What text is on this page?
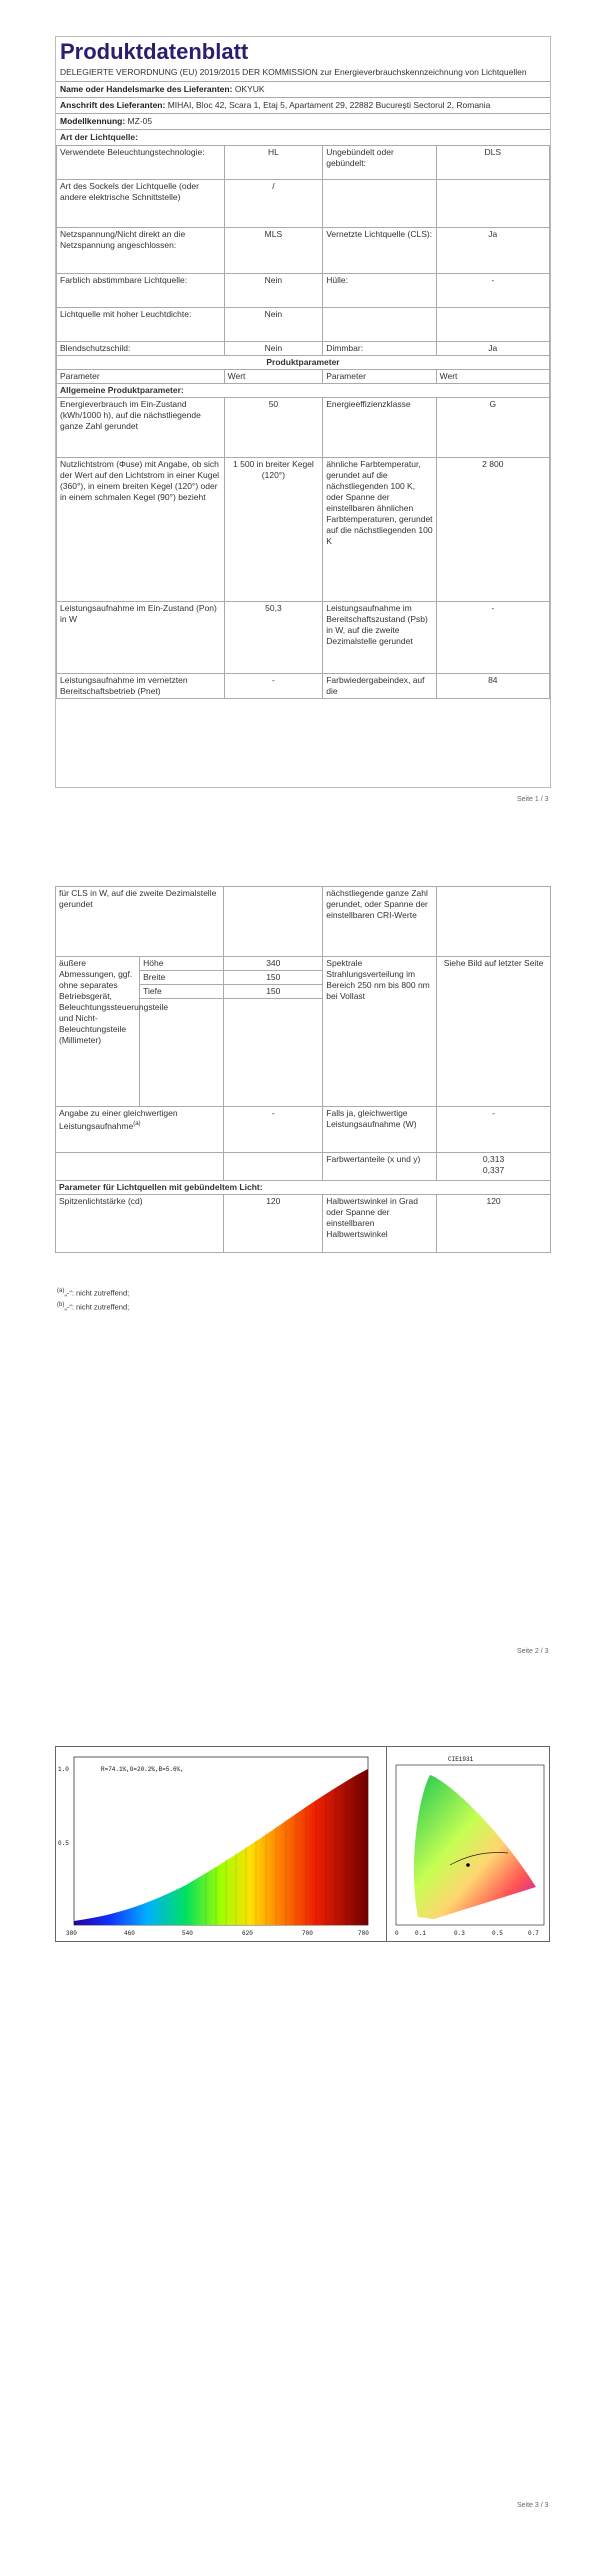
Produktdatenblatt
DELEGIERTE VERORDNUNG (EU) 2019/2015 DER KOMMISSION zur Energieverbrauchskennzeichnung von Lichtquellen
Name oder Handelsmarke des Lieferanten: OKYUK
Anschrift des Lieferanten: MIHAI, Bloc 42, Scara 1, Etaj 5, Apartament 29, 22882 București Sectorul 2, Romania
Modellkennung: MZ-05
Art der Lichtquelle:
Verwendete Beleuchtungstechnologie:	HL	Ungebündelt oder gebündelt:	DLS
Art des Sockels der Lichtquelle (oder andere elektrische Schnittstelle)	/		
Netzspannung/Nicht direkt an die Netzspannung angeschlossen:	MLS	Vernetzte Lichtquelle (CLS):	Ja
Farblich abstimmbare Lichtquelle:	Nein	Hülle:	-
Lichtquelle mit hoher Leuchtdichte:	Nein		
Blendschutzschild:	Nein	Dimmbar:	Ja
Produktparameter			
Parameter	Wert	Parameter	Wert
Allgemeine Produktparameter:			
Energieverbrauch im Ein-Zustand (kWh/1000 h), auf die nächstliegende ganze Zahl gerundet	50	Energieeffizienzklasse	G
Nutzlichtstrom (Φuse) mit Angabe, ob sich der Wert auf den Lichtstrom in einer Kugel (360°), in einem breiten Kegel (120°) oder in einem schmalen Kegel (90°) bezieht	1 500 in breiter Kegel (120°)	ähnliche Farbtemperatur, gerundet auf die nächstliegenden 100 K, oder Spanne der einstellbaren ähnlichen Farbtemperaturen, gerundet auf die nächstliegenden 100 K	2 800
Leistungsaufnahme im Ein-Zustand (Pon) in W	50,3	Leistungsaufnahme im Bereitschaftszustand (Psb) in W, auf die zweite Dezimalstelle gerundet	-
Leistungsaufnahme im vernetzten Bereitschaftsbetrieb (Pnet)	-	Farbwiedergabeindex, auf die	84
Seite 1 / 3
für CLS in W, auf die zweite Dezimalstelle gerundet			nächstliegende ganze Zahl gerundet, oder Spanne der einstellbaren CRI-Werte	
äußere Abmessungen, ggf. ohne separates Betriebsgerät, Beleuchtungssteuerungsteile und Nicht-Beleuchtungsteile (Millimeter)	Höhe	340	Spektrale Strahlungsverteilung im Bereich 250 nm bis 800 nm bei Vollast	Siehe Bild auf letzter Seite
	Breite	150		
	Tiefe	150		

Angabe zu einer gleichwertigen Leistungsaufnahme$^{(a)}$		-	Falls ja, gleichwertige Leistungsaufnahme (W)	-
			Farbwertanteile (x und y)	0,313
0,337

Parameter für Lichtquellen mit gebündeltem Licht:				
Spitzenlichtstärke (cd)		120	Halbwertswinkel in Grad oder Spanne der einstellbaren Halbwertswinkel	120
$^{(a)}$„-“: nicht zutreffend;
$^{(b)}$„-“: nicht zutreffend;
Seite 2 / 3
R=74.1%,G=20.2%,B=5.6%,
1.0
0.5
380	460	540	620	700	780
CIE1931
0	0.1	0.3	0.5	0.7
Seite 3 / 3
